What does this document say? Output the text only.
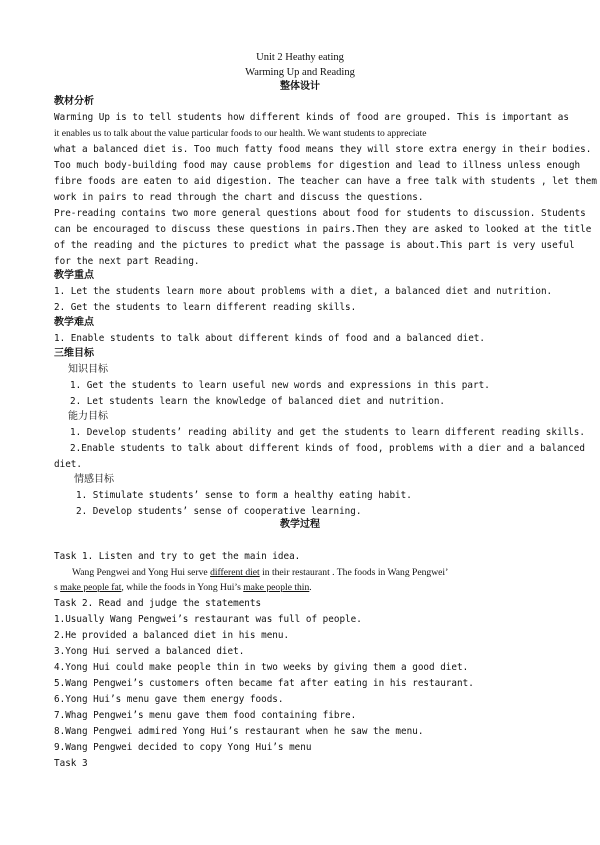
Unit 2 Heathy eating
Warming Up and Reading
整体设计
教材分析
Warming Up is to tell students how different kinds of food are grouped. This is important as
it enables us to talk about the value particular foods to our health. We want students to appreciate
what a balanced diet is. Too much fatty food means they will store extra energy in their bodies.
Too much body-building food may cause problems for digestion and lead to illness unless enough
fibre foods are eaten to aid digestion. The teacher can have a free talk with students , let them
work in pairs to read through the chart and discuss the questions.
Pre-reading contains two more general questions about food for students to discussion. Students
can be encouraged to discuss these questions in pairs.Then they are asked to looked at the title
of the reading and the pictures to predict what the passage is about.This part is very useful
for the next part Reading.
教学重点
1. Let the students learn more about problems with a diet, a balanced diet and nutrition.
2. Get the students to learn different reading skills.
教学难点
1. Enable students to talk about different kinds of food and a balanced diet.
三维目标
知识目标
1. Get the students to learn useful new words and expressions in this part.
2. Let students learn the knowledge of balanced diet and nutrition.
能力目标
1. Develop students’ reading ability and get the students to learn different reading skills.
2.Enable students to talk about different kinds of food, problems with a dier and a balanced
diet.
情感目标
1. Stimulate students’ sense to form a healthy eating habit.
2. Develop students’ sense of cooperative learning.
教学过程
Task 1. Listen and try to get the main idea.
Wang Pengwei and Yong Hui serve different diet in their restaurant . The foods in Wang Pengwei’
s make people fat, while the foods in Yong Hui’s make people thin.
Task 2. Read and judge the statements
1.Usually Wang Pengwei’s restaurant was full of people.
2.He provided a balanced diet in his menu.
3.Yong Hui served a balanced diet.
4.Yong Hui could make people thin in two weeks by giving them a good diet.
5.Wang Pengwei’s customers often became fat after eating in his restaurant.
6.Yong Hui’s menu gave them energy foods.
7.Whag Pengwei’s menu gave them food containing fibre.
8.Wang Pengwei admired Yong Hui’s restaurant when he saw the menu.
9.Wang Pengwei decided to copy Yong Hui’s menu
Task 3
